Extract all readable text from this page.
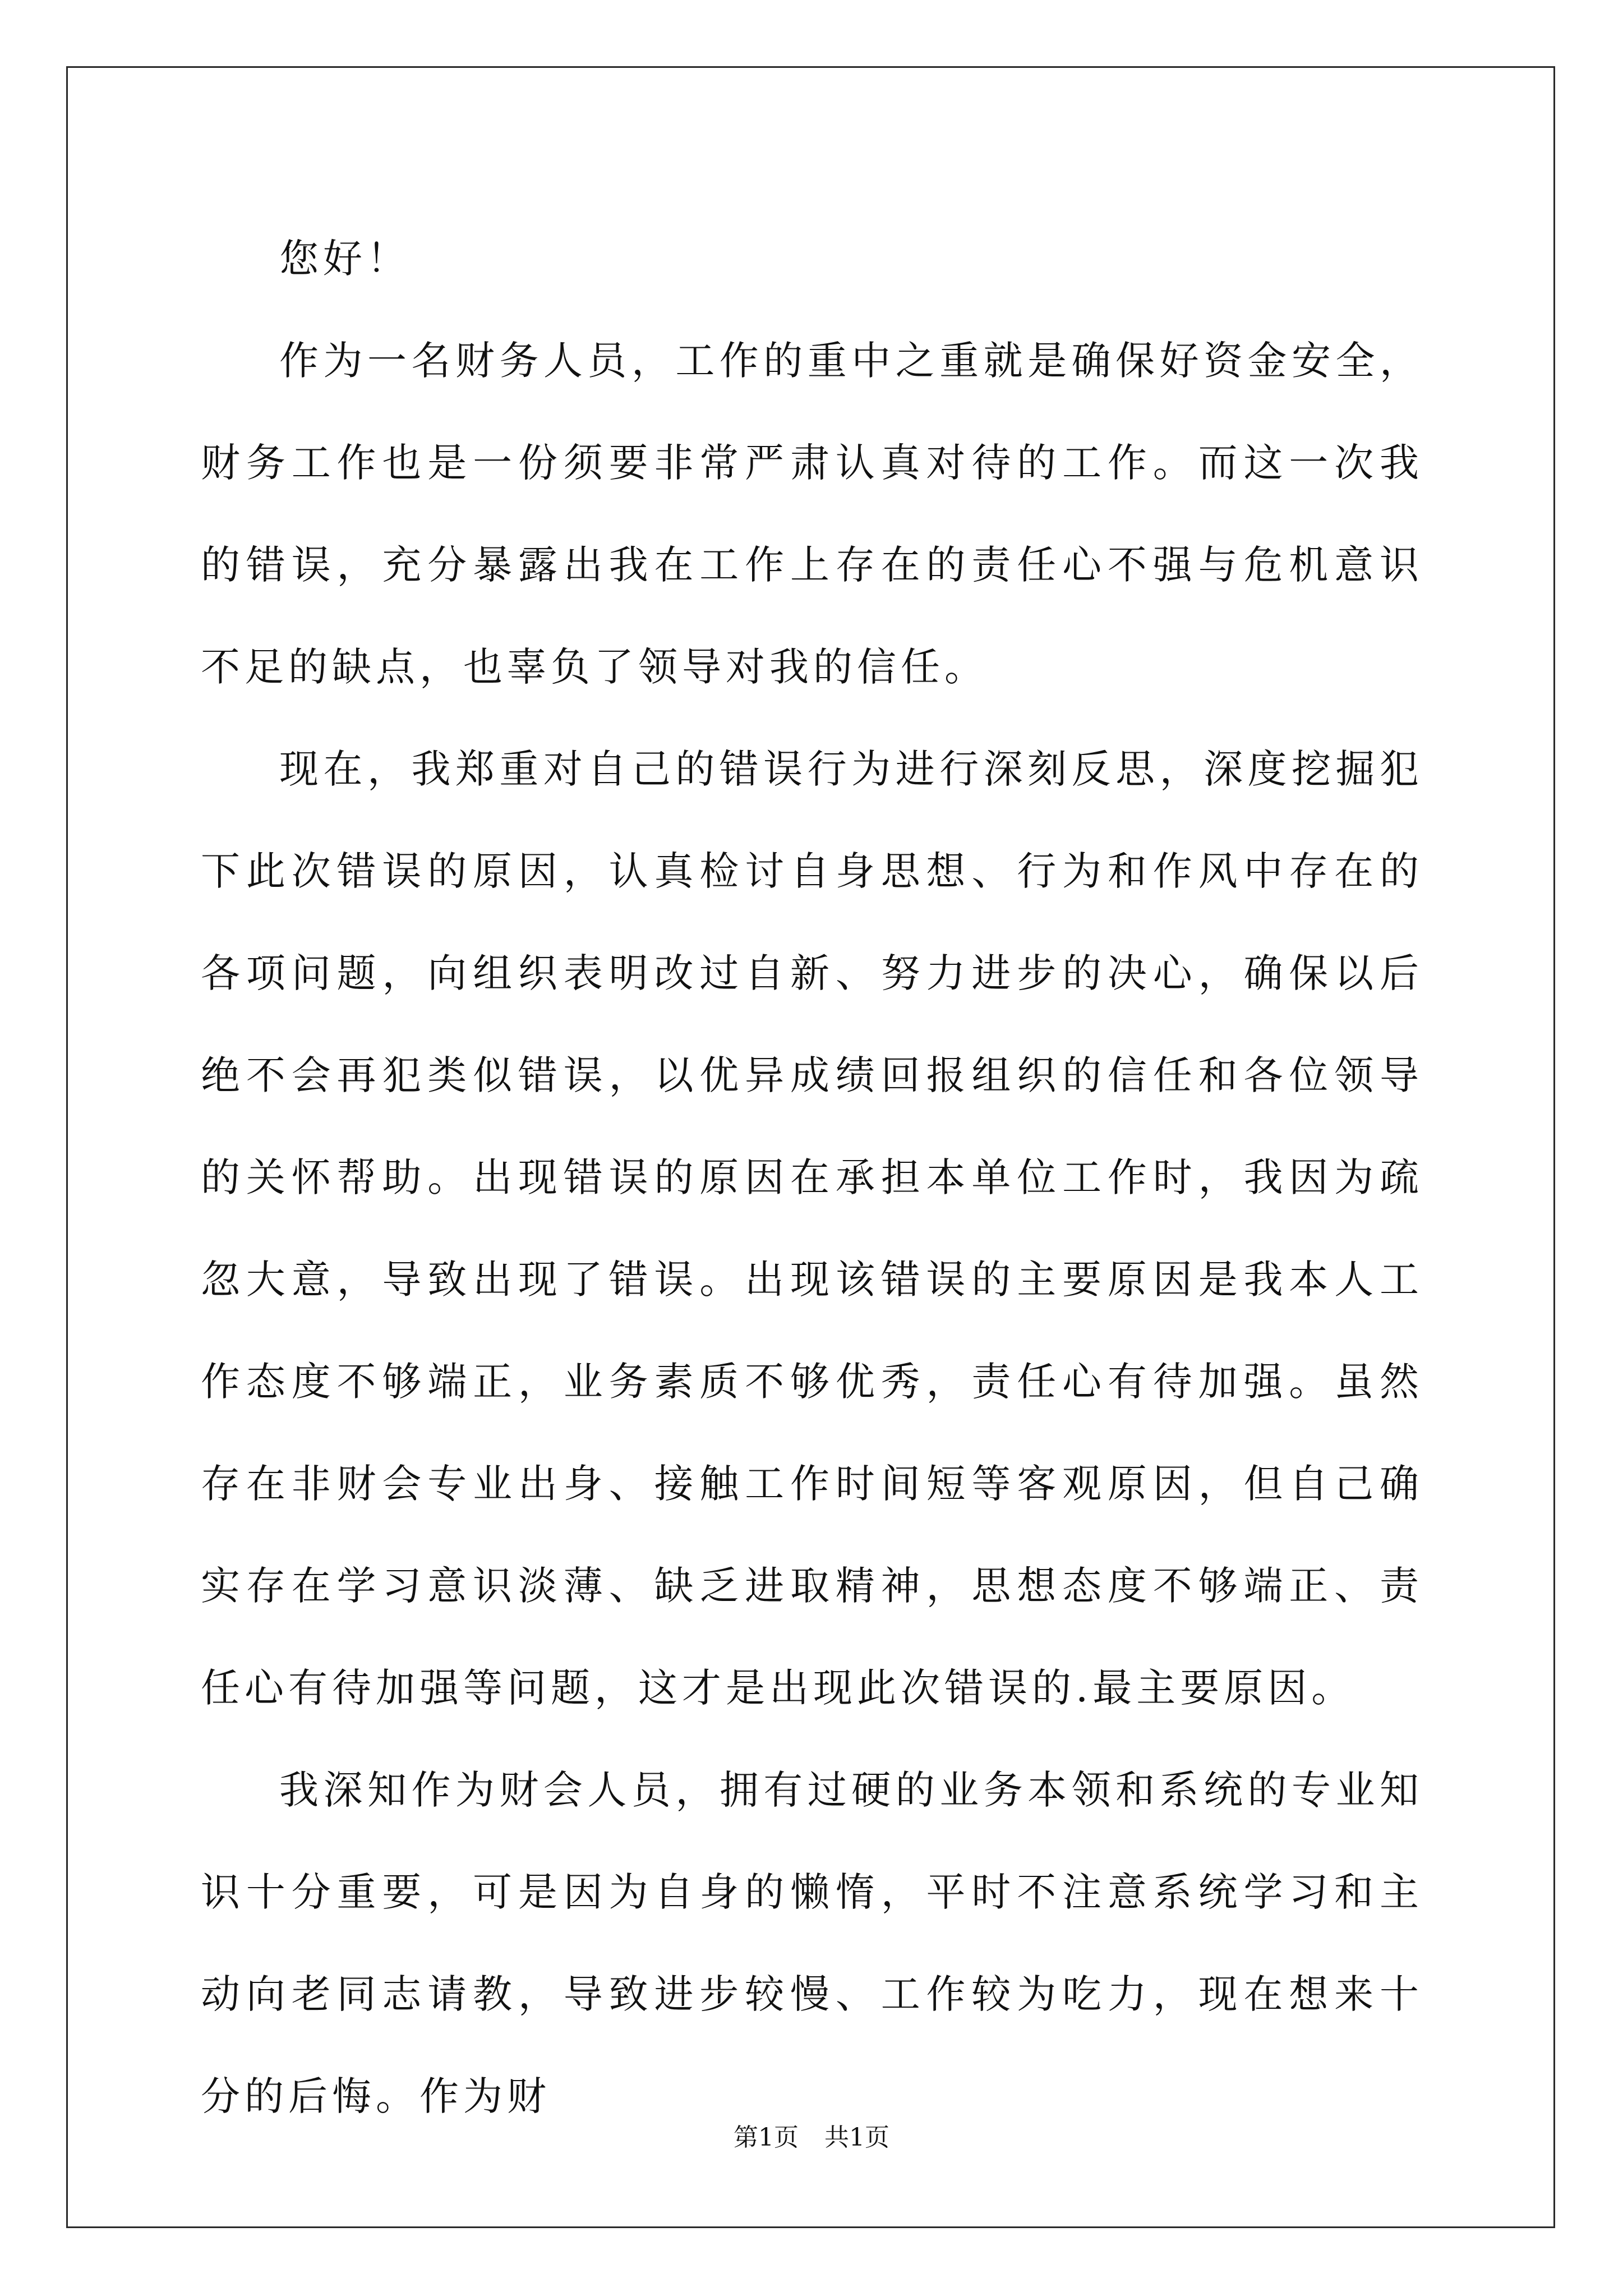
您好！

作为一名财务人员，工作的重中之重就是确保好资金安全，财务工作也是一份须要非常严肃认真对待的工作。而这一次我的错误，充分暴露出我在工作上存在的责任心不强与危机意识不足的缺点，也辜负了领导对我的信任。

现在，我郑重对自己的错误行为进行深刻反思，深度挖掘犯下此次错误的原因，认真检讨自身思想、行为和作风中存在的各项问题，向组织表明改过自新、努力进步的决心，确保以后绝不会再犯类似错误，以优异成绩回报组织的信任和各位领导的关怀帮助。出现错误的原因在承担本单位工作时，我因为疏忽大意，导致出现了错误。出现该错误的主要原因是我本人工作态度不够端正，业务素质不够优秀，责任心有待加强。虽然存在非财会专业出身、接触工作时间短等客观原因，但自己确实存在学习意识淡薄、缺乏进取精神，思想态度不够端正、责任心有待加强等问题，这才是出现此次错误的.最主要原因。

我深知作为财会人员，拥有过硬的业务本领和系统的专业知识十分重要，可是因为自身的懒惰，平时不注意系统学习和主动向老同志请教，导致进步较慢、工作较为吃力，现在想来十分的后悔。作为财

第1页 共1页
